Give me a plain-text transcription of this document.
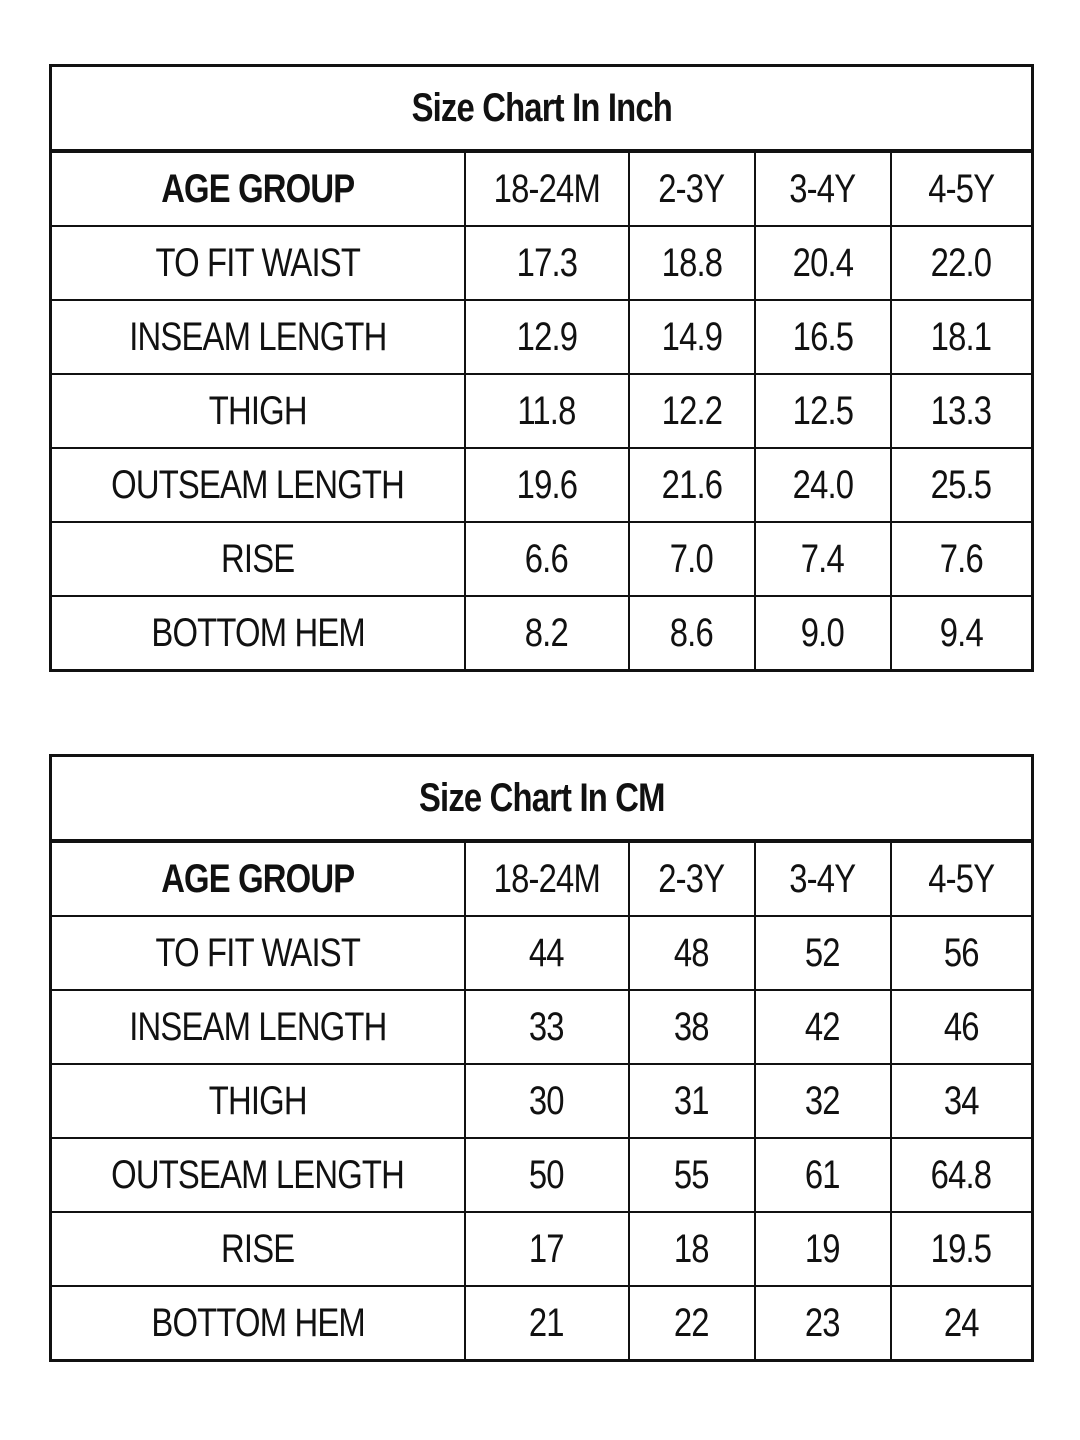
Size Chart In Inch				
AGE GROUP	18-24M	2-3Y	3-4Y	4-5Y
TO FIT WAIST	17.3	18.8	20.4	22.0
INSEAM LENGTH	12.9	14.9	16.5	18.1
THIGH	11.8	12.2	12.5	13.3
OUTSEAM LENGTH	19.6	21.6	24.0	25.5
RISE	6.6	7.0	7.4	7.6
BOTTOM HEM	8.2	8.6	9.0	9.4
Size Chart In CM				
AGE GROUP	18-24M	2-3Y	3-4Y	4-5Y
TO FIT WAIST	44	48	52	56
INSEAM LENGTH	33	38	42	46
THIGH	30	31	32	34
OUTSEAM LENGTH	50	55	61	64.8
RISE	17	18	19	19.5
BOTTOM HEM	21	22	23	24
